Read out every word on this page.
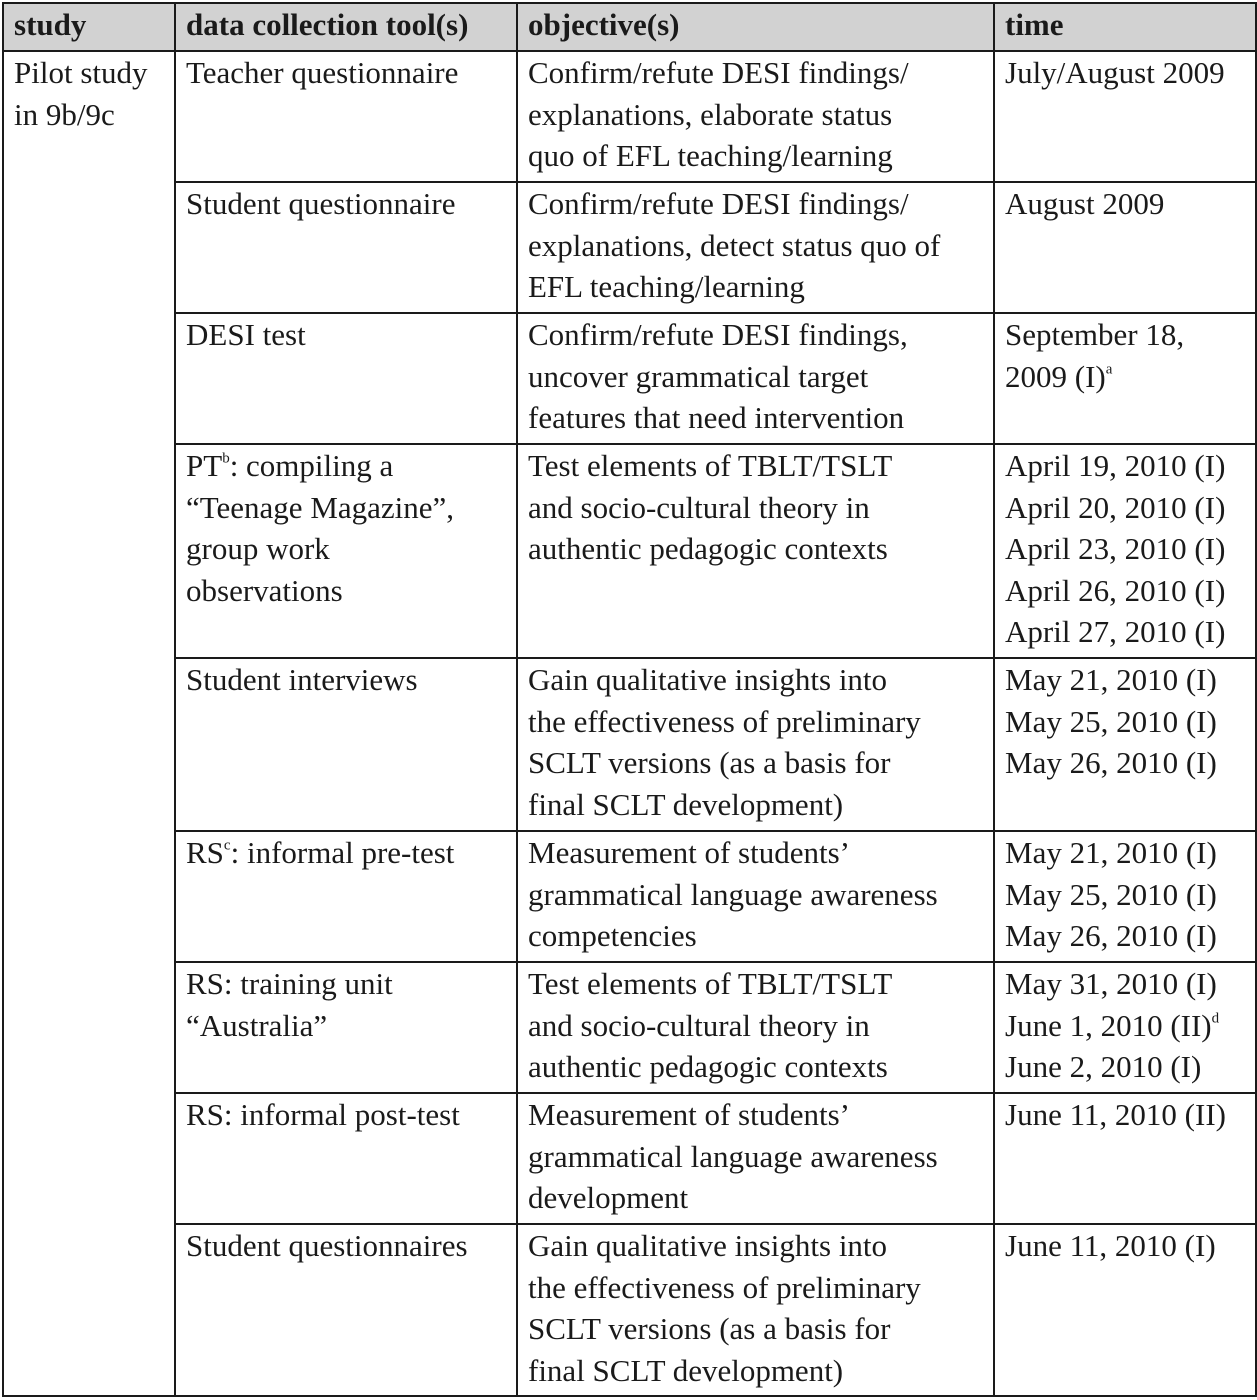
study	data collection tool(s)	objective(s)	time

Pilot study
in 9b/9c	Teacher questionnaire	Confirm/refute DESI findings/
explanations, elaborate status
quo of EFL teaching/learning	July/August 2009

	Student questionnaire	Confirm/refute DESI findings/
explanations, detect status quo of
EFL teaching/learning	August 2009

	DESI test	Confirm/refute DESI findings,
uncover grammatical target
features that need intervention	September 18,
2009 $(I)^a$

	$PT^b$: compiling a
“Teenage Magazine”,
group work
observations	Test elements of TBLT/TSLT
and socio-cultural theory in
authentic pedagogic contexts	April 19, 2010 (I)
April 20, 2010 (I)
April 23, 2010 (I)
April 26, 2010 (I)
April 27, 2010 (I)

	Student interviews	Gain qualitative insights into
the effectiveness of preliminary
SCLT versions (as a basis for
final SCLT development)	May 21, 2010 (I)
May 25, 2010 (I)
May 26, 2010 (I)

	$RS^c$: informal pre-test	Measurement of students’
grammatical language awareness
competencies	May 21, 2010 (I)
May 25, 2010 (I)
May 26, 2010 (I)

	RS: training unit
“Australia”	Test elements of TBLT/TSLT
and socio-cultural theory in
authentic pedagogic contexts	May 31, 2010 (I)
June 1, 2010 (II)$^d$
June 2, 2010 (I)

	RS: informal post-test	Measurement of students’
grammatical language awareness
development	June 11, 2010 (II)

	Student questionnaires	Gain qualitative insights into
the effectiveness of preliminary
SCLT versions (as a basis for
final SCLT development)	June 11, 2010 (I)
